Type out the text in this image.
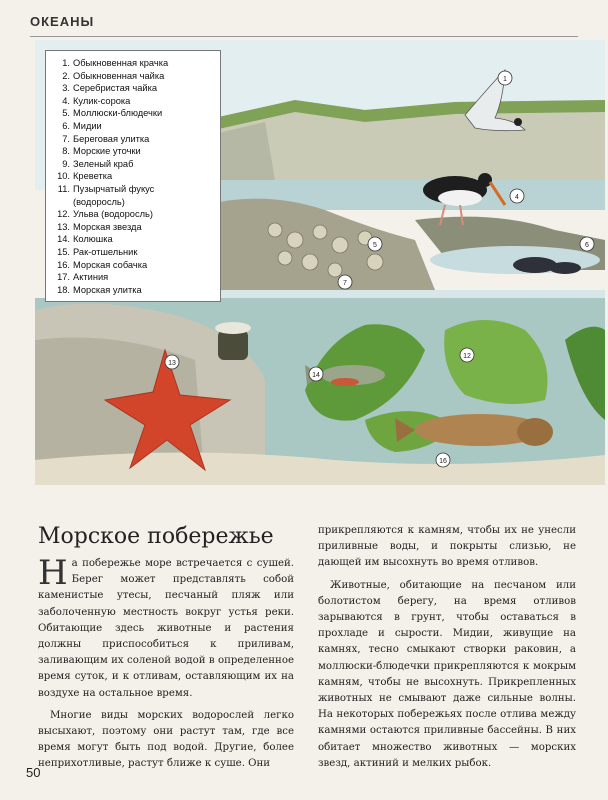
ОКЕАНЫ
1
4
5	6
7
12
13
14
16
1. Обыкновенная крачка
2. Обыкновенная чайка
3. Серебристая чайка
4. Кулик-сорока
5. Моллюски-блюдечки
6. Мидии
7. Береговая улитка
8. Морские уточки
9. Зеленый краб
10. Креветка
11. Пузырчатый фукус
(водоросль)
12. Ульва (водоросль)
13. Морская звезда
14. Колюшка
15. Рак-отшельник
16. Морская собачка
17. Актиния
18. Морская улитка
Морское побережье

На побережье море встречается с сушей. Берег может представлять собой каменистые утесы, песчаный пляж или заболоченную местность вокруг устья реки. Обитающие здесь животные и растения должны приспособиться к приливам, заливающим их соленой водой в определенное время суток, и к отливам, оставляющим их на воздухе на остальное время.

Многие виды морских водорослей легко высыхают, поэтому они растут там, где все время могут быть под водой. Другие, более неприхотливые, растут ближе к суше. Они

прикрепляются к камням, чтобы их не унесли приливные воды, и покрыты слизью, не дающей им высохнуть во время отливов.

Животные, обитающие на песчаном или болотистом берегу, на время отливов зарываются в грунт, чтобы оставаться в прохладе и сырости. Мидии, живущие на камнях, тесно смыкают створки раковин, а моллюски-блюдечки прикрепляются к мокрым камням, чтобы не высохнуть. Прикрепленных животных не смывают даже сильные волны. На некоторых побережьях после отлива между камнями остаются приливные бассейны. В них обитает множество животных — морских звезд, актиний и мелких рыбок.

50
